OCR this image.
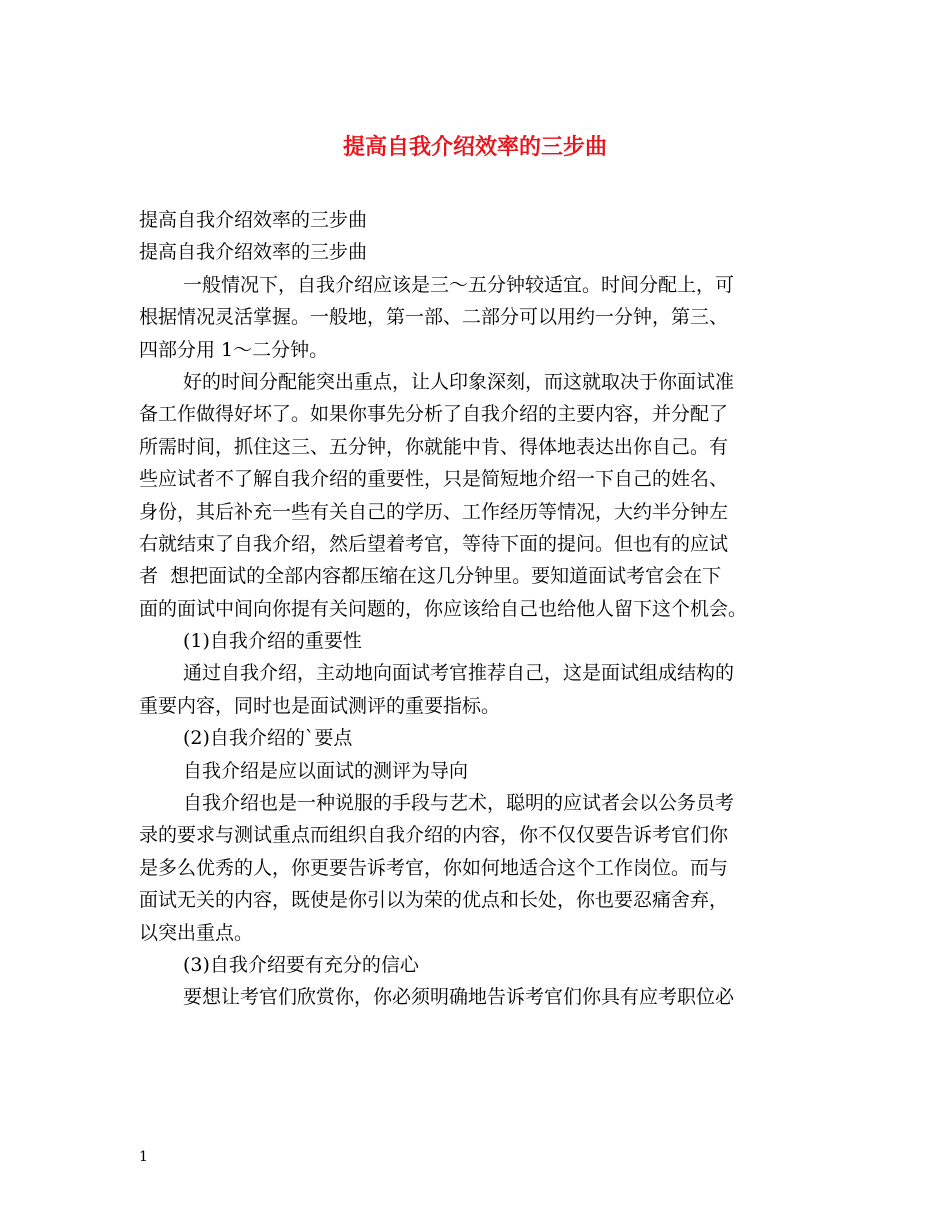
提高自我介绍效率的三步曲

提高自我介绍效率的三步曲

提高自我介绍效率的三步曲

一般情况下，自我介绍应该是三～五分钟较适宜。时间分配上，可

根据情况灵活掌握。一般地，第一部、二部分可以用约一分钟，第三、

四部分用 1～二分钟。

好的时间分配能突出重点，让人印象深刻，而这就取决于你面试准

备工作做得好坏了。如果你事先分析了自我介绍的主要内容，并分配了

所需时间，抓住这三、五分钟，你就能中肯、得体地表达出你自己。有

些应试者不了解自我介绍的重要性，只是简短地介绍一下自己的姓名、

身份，其后补充一些有关自己的学历、工作经历等情况，大约半分钟左

右就结束了自我介绍，然后望着考官，等待下面的提问。但也有的应试

者  想把面试的全部内容都压缩在这几分钟里。要知道面试考官会在下

面的面试中间向你提有关问题的，你应该给自己也给他人留下这个机会。

(1)自我介绍的重要性

通过自我介绍，主动地向面试考官推荐自己，这是面试组成结构的

重要内容，同时也是面试测评的重要指标。

(2)自我介绍的`要点

自我介绍是应以面试的测评为导向

自我介绍也是一种说服的手段与艺术，聪明的应试者会以公务员考

录的要求与测试重点而组织自我介绍的内容，你不仅仅要告诉考官们你

是多么优秀的人，你更要告诉考官，你如何地适合这个工作岗位。而与

面试无关的内容，既使是你引以为荣的优点和长处，你也要忍痛舍弃，

以突出重点。

(3)自我介绍要有充分的信心

要想让考官们欣赏你，你必须明确地告诉考官们你具有应考职位必

1
